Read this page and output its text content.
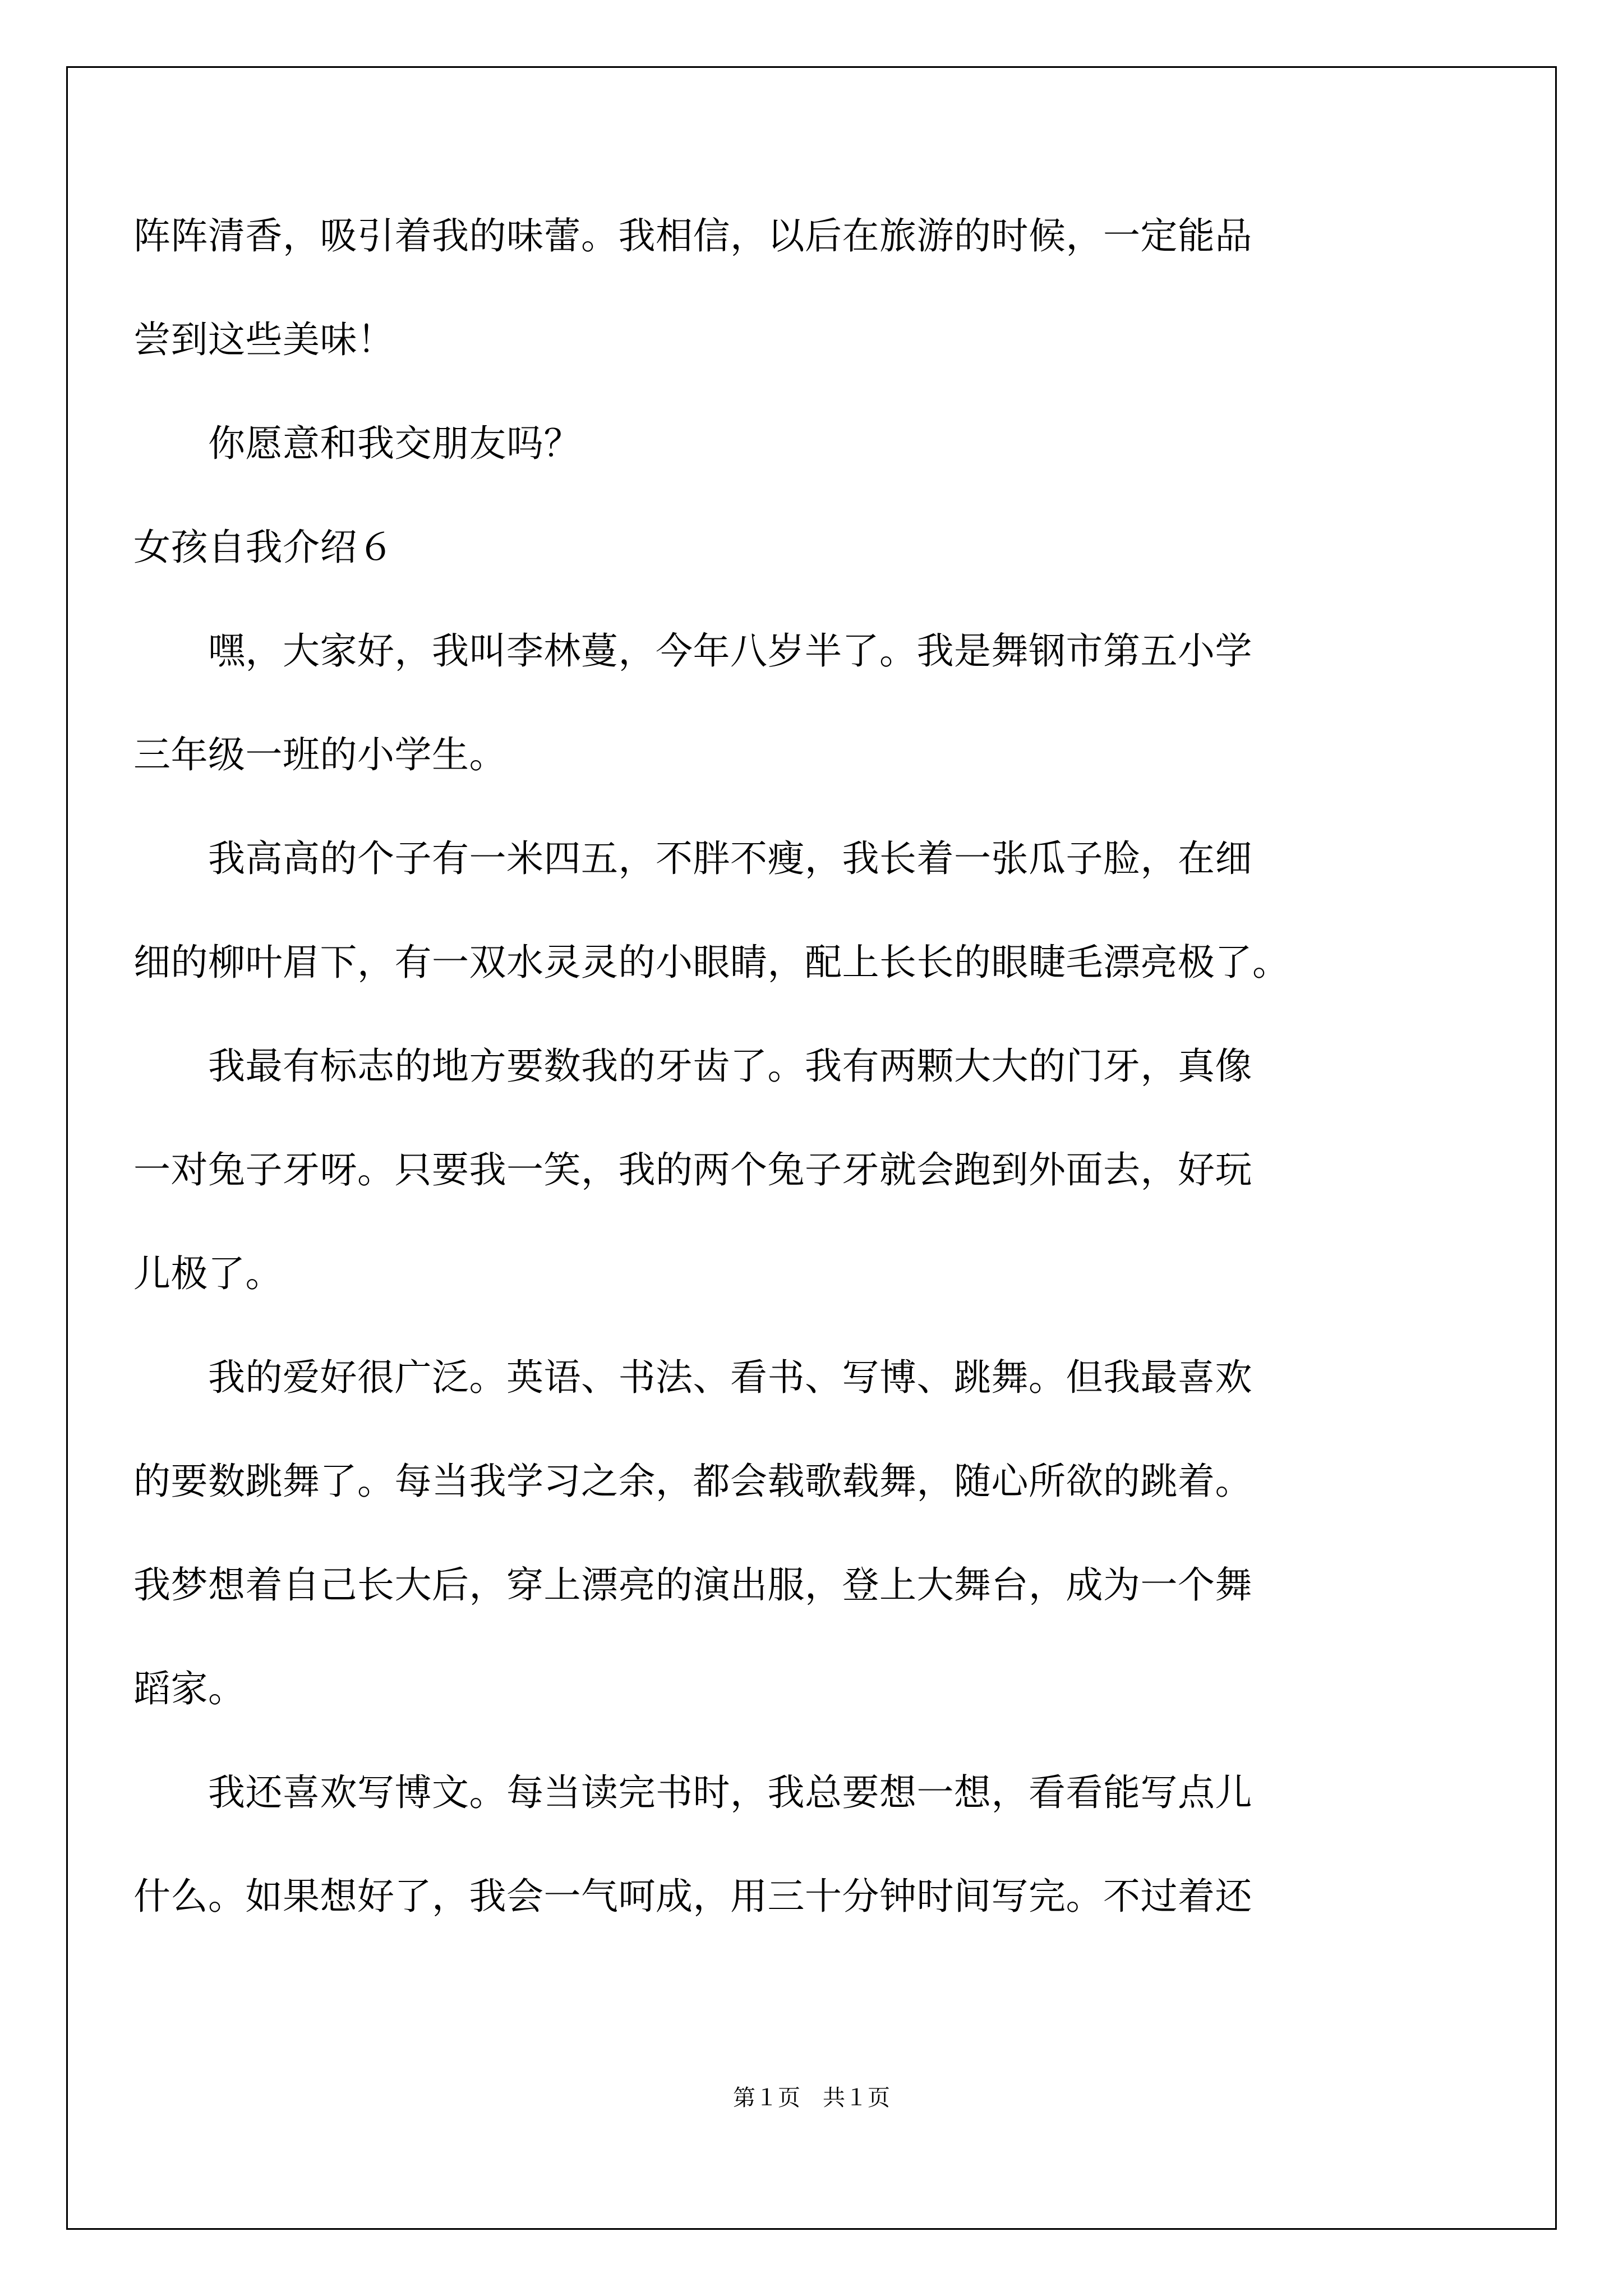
阵阵清香，吸引着我的味蕾。我相信，以后在旅游的时候，一定能品
尝到这些美味！
　　你愿意和我交朋友吗？
女孩自我介绍６
　　嘿，大家好，我叫李林蔓，今年八岁半了。我是舞钢市第五小学
三年级一班的小学生。
　　我高高的个子有一米四五，不胖不瘦，我长着一张瓜子脸，在细
细的柳叶眉下，有一双水灵灵的小眼睛，配上长长的眼睫毛漂亮极了。
　　我最有标志的地方要数我的牙齿了。我有两颗大大的门牙，真像
一对兔子牙呀。只要我一笑，我的两个兔子牙就会跑到外面去，好玩
儿极了。
　　我的爱好很广泛。英语、书法、看书、写博、跳舞。但我最喜欢
的要数跳舞了。每当我学习之余，都会载歌载舞，随心所欲的跳着。
我梦想着自己长大后，穿上漂亮的演出服，登上大舞台，成为一个舞
蹈家。
　　我还喜欢写博文。每当读完书时，我总要想一想，看看能写点儿
什么。如果想好了，我会一气呵成，用三十分钟时间写完。不过着还
第１页　共１页
